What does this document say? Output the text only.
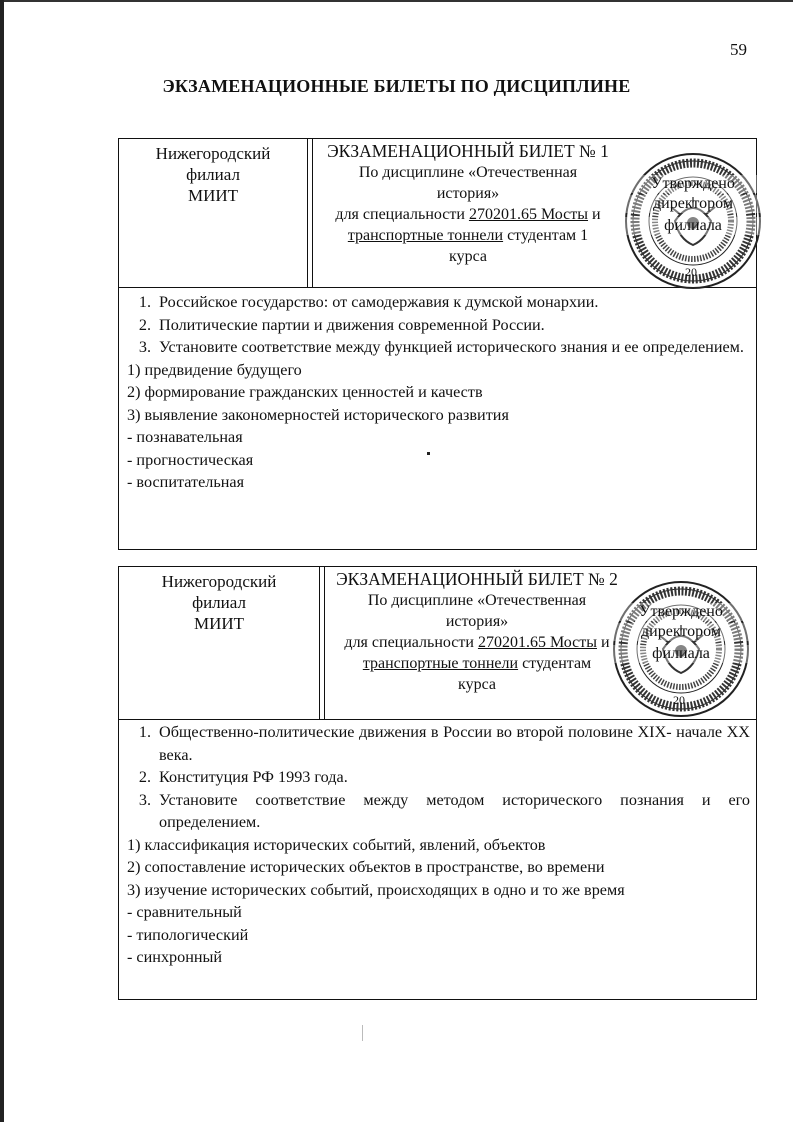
59
ЭКЗАМЕНАЦИОННЫЕ БИЛЕТЫ ПО ДИСЦИПЛИНЕ
Нижегородский
филиал
МИИТ
ЭКЗАМЕНАЦИОННЫЙ БИЛЕТ № 1
По дисциплине «Отечественная
история»
для специальности 270201.65 Мосты и
транспортные тоннели студентам 1
курса
Утверждено
директором
филиала
20
1. Российское государство: от самодержавия к думской монархии.
2. Политические партии и движения современной России.
3. Установите соответствие между функцией исторического знания и ее определением.
1) предвидение будущего
2) формирование гражданских ценностей и качеств
3) выявление закономерностей исторического развития
- познавательная
- прогностическая
- воспитательная
Нижегородский
филиал
МИИТ
ЭКЗАМЕНАЦИОННЫЙ БИЛЕТ № 2
По дисциплине «Отечественная
история»
для специальности 270201.65 Мосты и
транспортные тоннели студентам
курса
Утверждено
директором
филиала
20
1. Общественно-политические движения в России во второй половине XIX- начале XX века.
2. Конституция РФ 1993 года.
3. Установите соответствие между методом исторического познания и его определением.
1) классификация исторических событий, явлений, объектов
2) сопоставление исторических объектов в пространстве, во времени
3) изучение исторических событий, происходящих в одно и то же время
- сравнительный
- типологический
- синхронный
